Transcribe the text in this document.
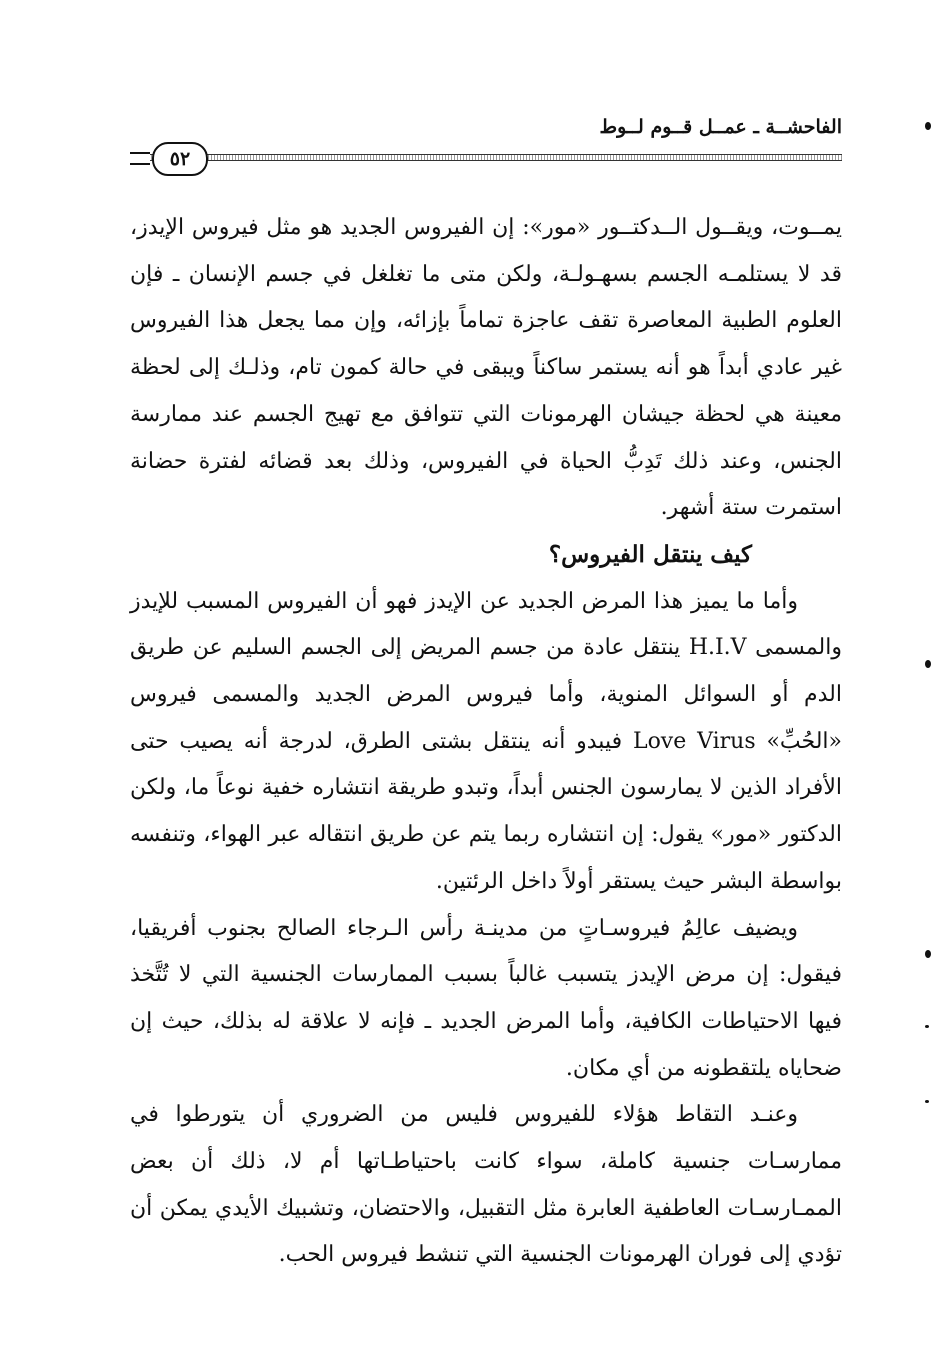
الفاحشــة ـ عمــل قــوم لــوط
٥٢

يمــوت، ويقــول الــدكتــور «مور»: إن الفيروس الجديد هو مثل فيروس الإيدز، قد لا يستلمـه الجسم بسهـولـة، ولكن متى ما تغلغل في جسم الإنسان ـ فإن العلوم الطبية المعاصرة تقف عاجزة تماماً بإزائه، وإن مما يجعل هذا الفيروس غير عادي أبداً هو أنه يستمر ساكناً ويبقى في حالة كمون تام، وذلـك إلى لحظة معينة هي لحظة جيشان الهرمونات التي تتوافق مع تهيج الجسم عند ممارسة الجنس، وعند ذلك تَدِبُّ الحياة في الفيروس، وذلك بعد قضائه لفترة حضانة استمرت ستة أشهر.

كيف ينتقل الفيروس؟

وأما ما يميز هذا المرض الجديد عن الإيدز فهو أن الفيروس المسبب للإيدز والمسمى H.I.V ينتقل عادة من جسم المريض إلى الجسم السليم عن طريق الدم أو السوائل المنوية، وأما فيروس المرض الجديد والمسمى فيروس «الحُبِّ» Love Virus فيبدو أنه ينتقل بشتى الطرق، لدرجة أنه يصيب حتى الأفراد الذين لا يمارسون الجنس أبداً، وتبدو طريقة انتشاره خفية نوعاً ما، ولكن الدكتور «مور» يقول: إن انتشاره ربما يتم عن طريق انتقاله عبر الهواء، وتنفسه بواسطة البشر حيث يستقر أولاً داخل الرئتين.

ويضيف عالِمُ فيروسـاتٍ من مدينـة رأس الـرجاء الصالح بجنوب أفريقيا، فيقول: إن مرض الإيدز يتسبب غالباً بسبب الممارسات الجنسية التي لا تُتَّخذ فيها الاحتياطات الكافية، وأما المرض الجديد ـ فإنه لا علاقة له بذلك، حيث إن ضحاياه يلتقطونه من أي مكان.

وعنـد التقاط هؤلاء للفيروس فليس من الضروري أن يتورطوا في ممارسـات جنسية كاملة، سواء كانت باحتياطـاتها أم لا، ذلك أن بعض الممـارسـات العاطفية العابرة مثل التقبيل، والاحتضان، وتشبيك الأيدي يمكن أن تؤدي إلى فوران الهرمونات الجنسية التي تنشط فيروس الحب.
